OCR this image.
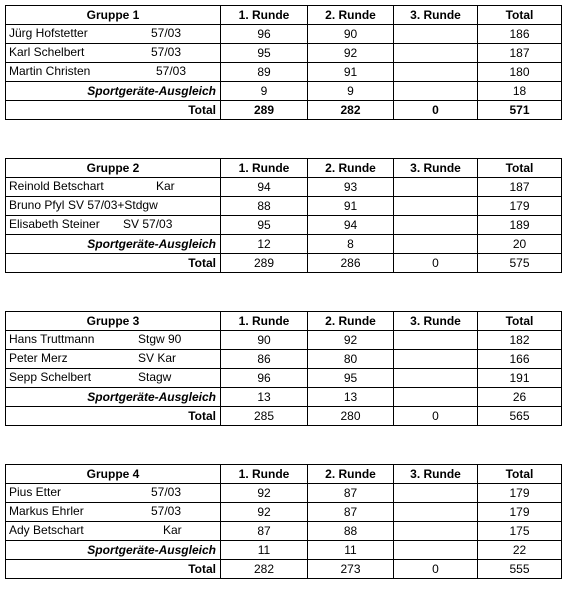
Gruppe 1	1. Runde	2. Runde	3. Runde	Total

Jürg Hofstetter 57/03	96	90		186

Karl Schelbert 57/03	95	92		187

Martin Christen 57/03	89	91		180
Sportgeräte-Ausgleich	9	9		18
Total	289	282	0	571
Gruppe 2	1. Runde	2. Runde	3. Runde	Total

Reinold Betschart Kar	94	93		187

Bruno Pfyl SV 57/03+Stdgw	88	91		179

Elisabeth Steiner SV 57/03	95	94		189
Sportgeräte-Ausgleich	12	8		20
Total	289	286	0	575
Gruppe 3	1. Runde	2. Runde	3. Runde	Total

Hans Truttmann Stgw 90	90	92		182

Peter Merz SV Kar	86	80		166

Sepp Schelbert Stagw	96	95		191
Sportgeräte-Ausgleich	13	13		26
Total	285	280	0	565
Gruppe 4	1. Runde	2. Runde	3. Runde	Total

Pius Etter 57/03	92	87		179

Markus Ehrler 57/03	92	87		179

Ady Betschart Kar	87	88		175
Sportgeräte-Ausgleich	11	11		22
Total	282	273	0	555
